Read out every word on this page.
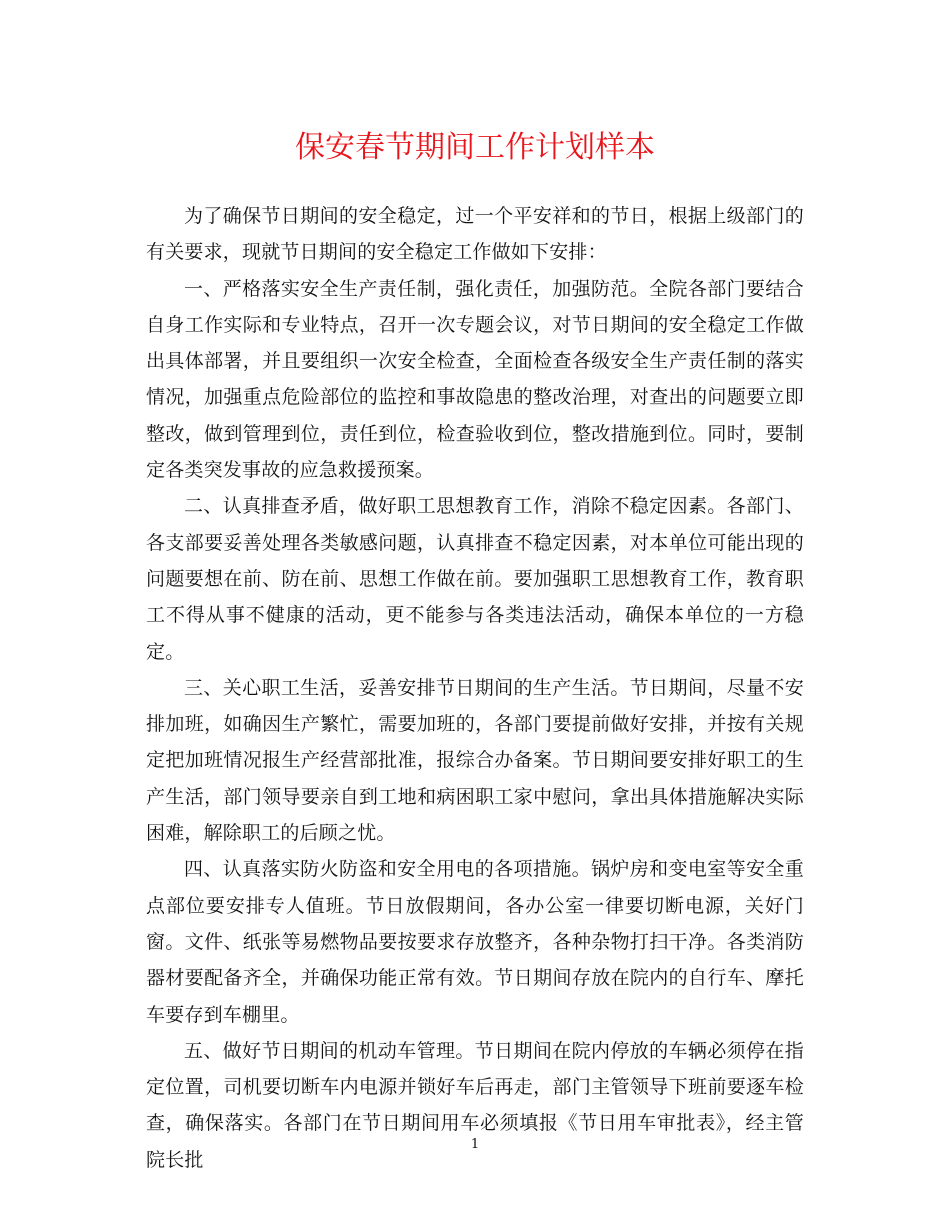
保安春节期间工作计划样本

为了确保节日期间的安全稳定，过一个平安祥和的节日，根据上级部门的有关要求，现就节日期间的安全稳定工作做如下安排：

一、严格落实安全生产责任制，强化责任，加强防范。全院各部门要结合自身工作实际和专业特点，召开一次专题会议，对节日期间的安全稳定工作做出具体部署，并且要组织一次安全检查，全面检查各级安全生产责任制的落实情况，加强重点危险部位的监控和事故隐患的整改治理，对查出的问题要立即整改，做到管理到位，责任到位，检查验收到位，整改措施到位。同时，要制定各类突发事故的应急救援预案。

二、认真排查矛盾，做好职工思想教育工作，消除不稳定因素。各部门、各支部要妥善处理各类敏感问题，认真排查不稳定因素，对本单位可能出现的问题要想在前、防在前、思想工作做在前。要加强职工思想教育工作，教育职工不得从事不健康的活动，更不能参与各类违法活动，确保本单位的一方稳定。

三、关心职工生活，妥善安排节日期间的生产生活。节日期间，尽量不安排加班，如确因生产繁忙，需要加班的，各部门要提前做好安排，并按有关规定把加班情况报生产经营部批准，报综合办备案。节日期间要安排好职工的生产生活，部门领导要亲自到工地和病困职工家中慰问，拿出具体措施解决实际困难，解除职工的后顾之忧。

四、认真落实防火防盗和安全用电的各项措施。锅炉房和变电室等安全重点部位要安排专人值班。节日放假期间，各办公室一律要切断电源，关好门窗。文件、纸张等易燃物品要按要求存放整齐，各种杂物打扫干净。各类消防器材要配备齐全，并确保功能正常有效。节日期间存放在院内的自行车、摩托车要存到车棚里。

五、做好节日期间的机动车管理。节日期间在院内停放的车辆必须停在指定位置，司机要切断车内电源并锁好车后再走，部门主管领导下班前要逐车检查，确保落实。各部门在节日期间用车必须填报《节日用车审批表》，经主管院长批

1
